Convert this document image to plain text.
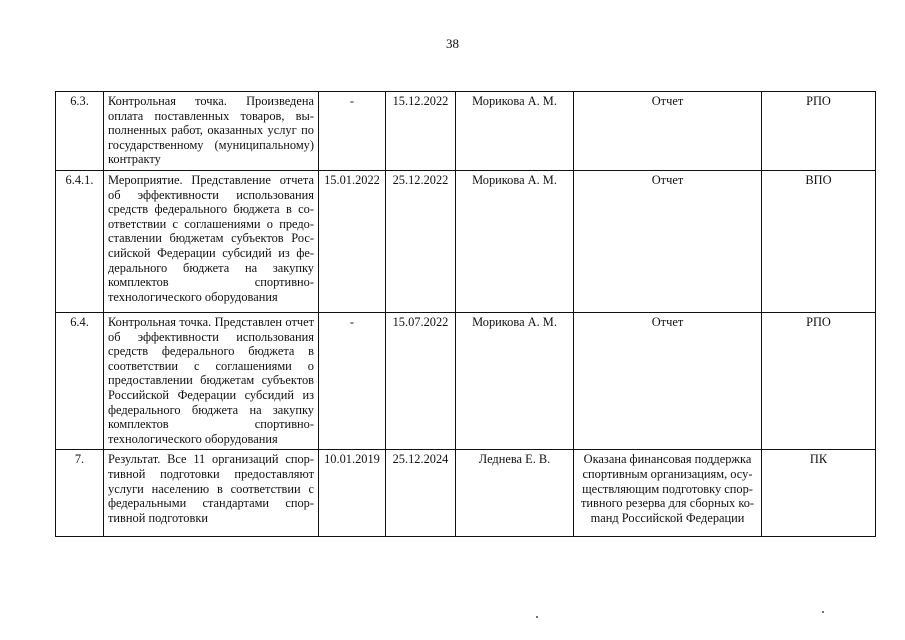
38
6.3.	Контрольная точка. Произведена оплата поставленных товаров, выполненных работ, оказанных услуг по государственному (муниципальному) контракту	-	15.12.2022	Морикова А. М.	Отчет	РПО
6.4.1.	Мероприятие. Представление отчета об эффективности использования средств федерального бюджета в соответствии с соглашениями о предоставлении бюджетам субъектов Российской Федерации субсидий из федерального бюджета на закупку комплектов спортивно-технологического оборудования	15.01.2022	25.12.2022	Морикова А. М.	Отчет	ВПО
6.4.	Контрольная точка. Представлен отчет об эффективности использования средств федерального бюджета в соответствии с соглашениями о предоставлении бюджетам субъектов Российской Федерации субсидий из федерального бюджета на закупку комплектов спортивно-технологического оборудования	-	15.07.2022	Морикова А. М.	Отчет	РПО
7.	Результат. Все 11 организаций спортивной подготовки предоставляют услуги населению в соответствии с федеральными стандартами спортивной подготовки	10.01.2019	25.12.2024	Леднева Е. В.	Оказана финансовая поддержка спортивным организациям, осуществляющим подготовку спортивного резерва для сборных коmанд Российской Федерации	ПК
